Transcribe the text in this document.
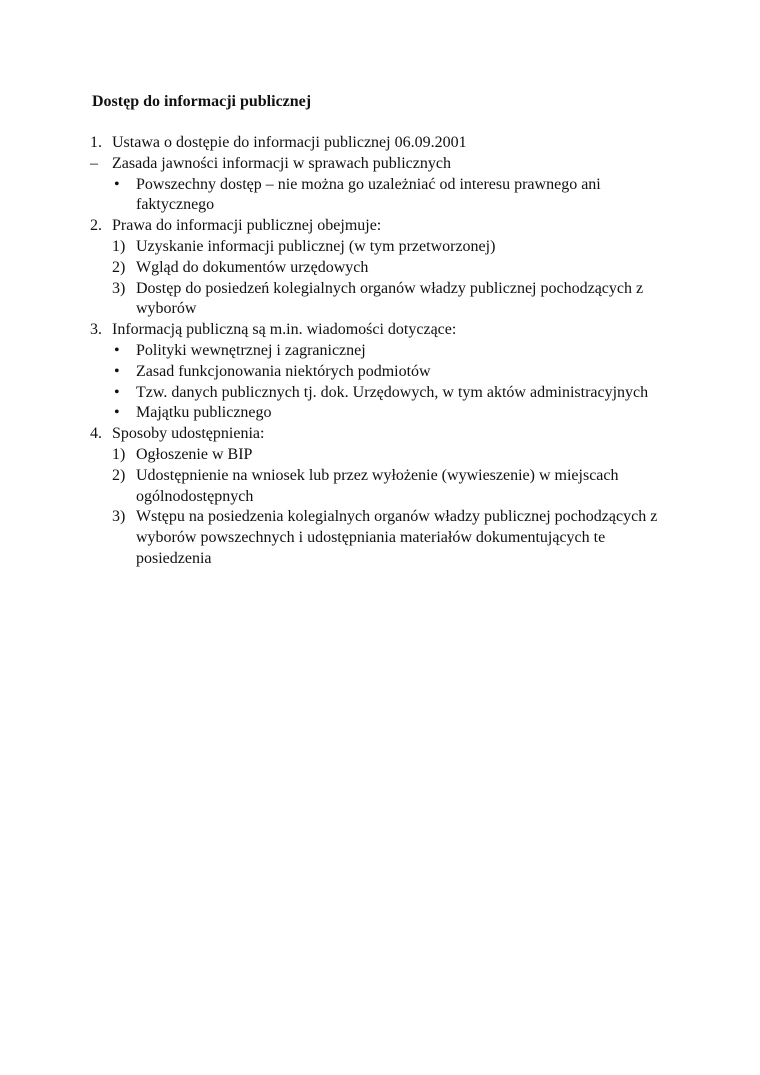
Dostęp do informacji publicznej
1. Ustawa o dostępie do informacji publicznej 06.09.2001
– Zasada jawności informacji w sprawach publicznych
•	Powszechny dostęp – nie można go uzależniać od interesu prawnego ani faktycznego
2. Prawa do informacji publicznej obejmuje:
1) Uzyskanie informacji publicznej (w tym przetworzonej)
2) Wgląd do dokumentów urzędowych
3) Dostęp do posiedzeń kolegialnych organów władzy publicznej pochodzących z wyborów
3. Informacją publiczną są m.in. wiadomości dotyczące:
•	Polityki wewnętrznej i zagranicznej
•	Zasad funkcjonowania niektórych podmiotów
•	Tzw. danych publicznych tj. dok. Urzędowych, w tym aktów administracyjnych
•	Majątku publicznego
4. Sposoby udostępnienia:
1) Ogłoszenie w BIP
2) Udostępnienie na wniosek lub przez wyłożenie (wywieszenie) w miejscach ogólnodostępnych
3) Wstępu na posiedzenia kolegialnych organów władzy publicznej pochodzących z wyborów powszechnych i udostępniania materiałów dokumentujących te posiedzenia
